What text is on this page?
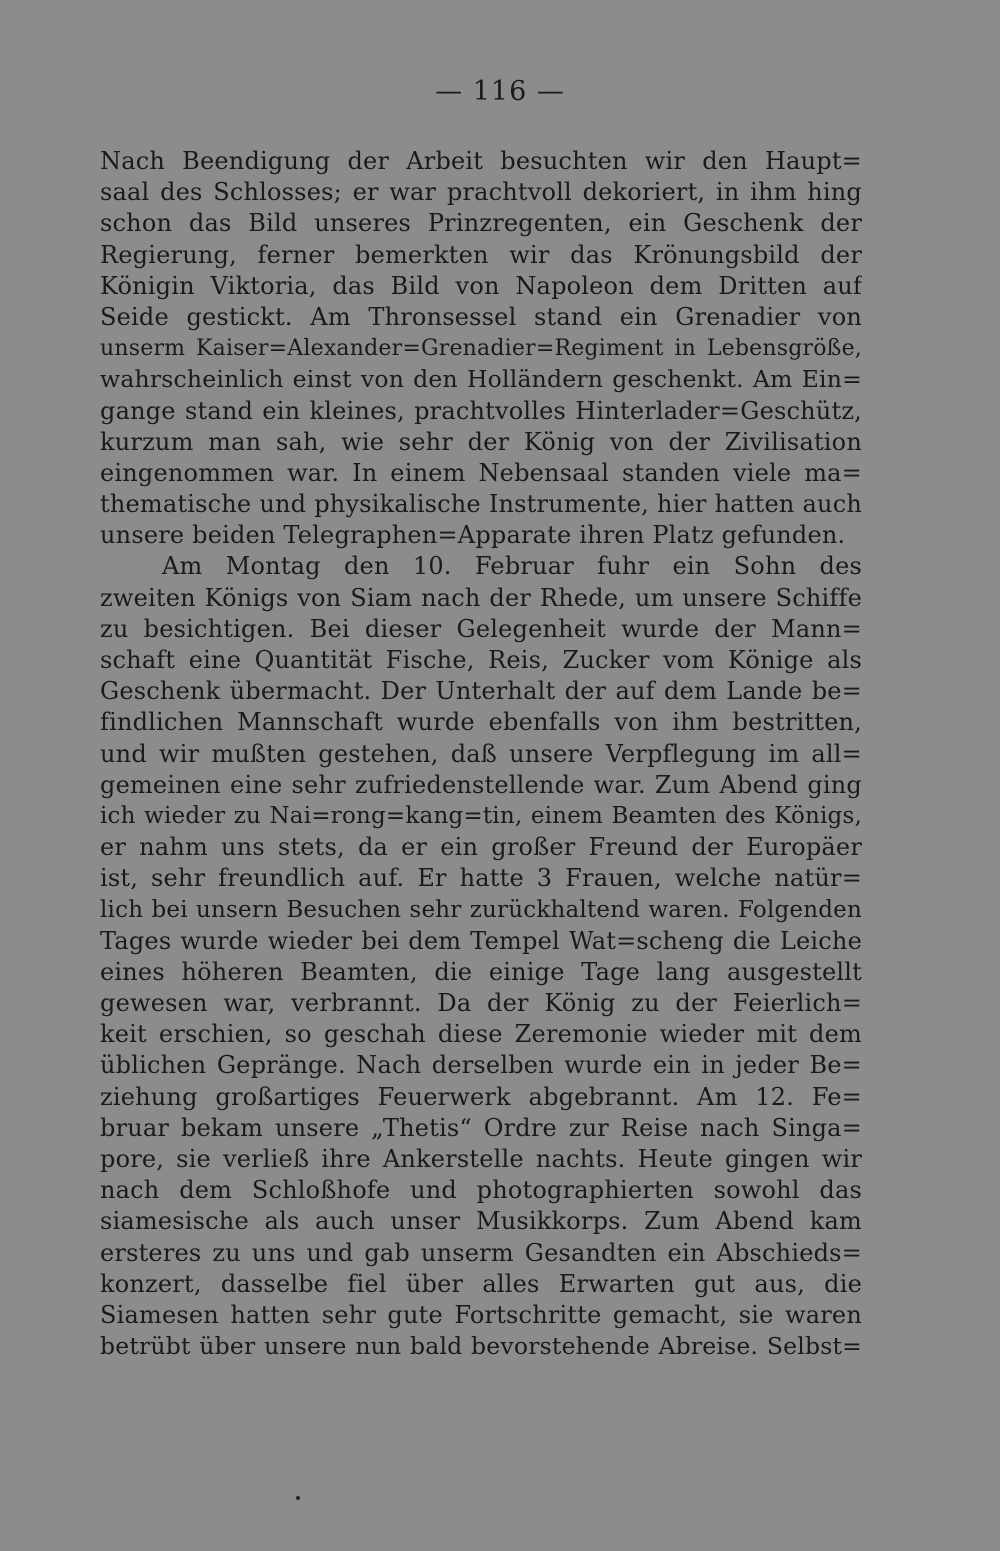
— 116 —
Nach Beendigung der Arbeit besuchten wir den Haupt=
saal des Schlosses; er war prachtvoll dekoriert, in ihm hing
schon das Bild unseres Prinzregenten, ein Geschenk der
Regierung, ferner bemerkten wir das Krönungsbild der
Königin Viktoria, das Bild von Napoleon dem Dritten auf
Seide gestickt. Am Thronsessel stand ein Grenadier von
unserm Kaiser=Alexander=Grenadier=Regiment in Lebensgröße,
wahrscheinlich einst von den Holländern geschenkt. Am Ein=
gange stand ein kleines, prachtvolles Hinterlader=Geschütz,
kurzum man sah, wie sehr der König von der Zivilisation
eingenommen war. In einem Nebensaal standen viele ma=
thematische und physikalische Instrumente, hier hatten auch
unsere beiden Telegraphen=Apparate ihren Platz gefunden.
Am Montag den 10. Februar fuhr ein Sohn des
zweiten Königs von Siam nach der Rhede, um unsere Schiffe
zu besichtigen. Bei dieser Gelegenheit wurde der Mann=
schaft eine Quantität Fische, Reis, Zucker vom Könige als
Geschenk übermacht. Der Unterhalt der auf dem Lande be=
findlichen Mannschaft wurde ebenfalls von ihm bestritten,
und wir mußten gestehen, daß unsere Verpflegung im all=
gemeinen eine sehr zufriedenstellende war. Zum Abend ging
ich wieder zu Nai=rong=kang=tin, einem Beamten des Königs,
er nahm uns stets, da er ein großer Freund der Europäer
ist, sehr freundlich auf. Er hatte 3 Frauen, welche natür=
lich bei unsern Besuchen sehr zurückhaltend waren. Folgenden
Tages wurde wieder bei dem Tempel Wat=scheng die Leiche
eines höheren Beamten, die einige Tage lang ausgestellt
gewesen war, verbrannt. Da der König zu der Feierlich=
keit erschien, so geschah diese Zeremonie wieder mit dem
üblichen Gepränge. Nach derselben wurde ein in jeder Be=
ziehung großartiges Feuerwerk abgebrannt. Am 12. Fe=
bruar bekam unsere „Thetis“ Ordre zur Reise nach Singa=
pore, sie verließ ihre Ankerstelle nachts. Heute gingen wir
nach dem Schloßhofe und photographierten sowohl das
siamesische als auch unser Musikkorps. Zum Abend kam
ersteres zu uns und gab unserm Gesandten ein Abschieds=
konzert, dasselbe fiel über alles Erwarten gut aus, die
Siamesen hatten sehr gute Fortschritte gemacht, sie waren
betrübt über unsere nun bald bevorstehende Abreise. Selbst=
